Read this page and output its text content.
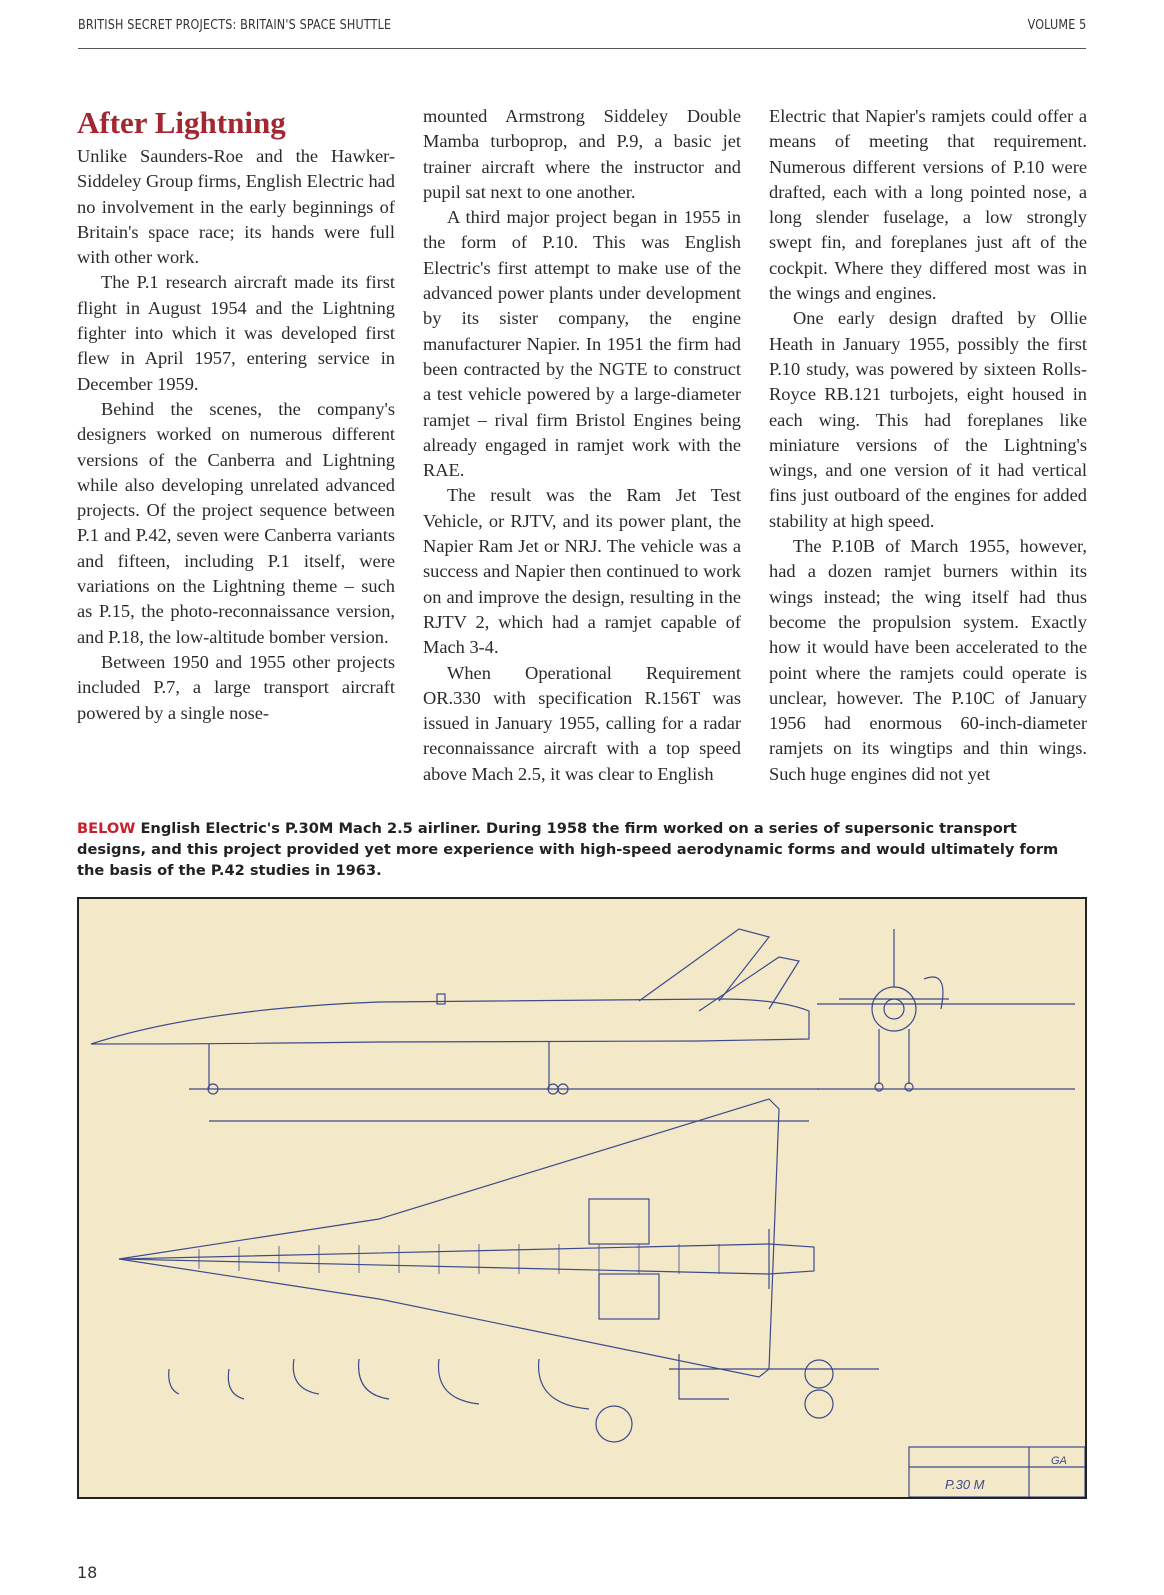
BRITISH SECRET PROJECTS: BRITAIN'S SPACE SHUTTLE	VOLUME 5
After Lightning

Unlike Saunders-Roe and the Hawker-Siddeley Group firms, English Electric had no involvement in the early beginnings of Britain's space race; its hands were full with other work.

The P.1 research aircraft made its first flight in August 1954 and the Lightning fighter into which it was developed first flew in April 1957, entering service in December 1959.

Behind the scenes, the company's designers worked on numerous different versions of the Canberra and Lightning while also developing unrelated advanced projects. Of the project sequence between P.1 and P.42, seven were Canberra variants and fifteen, including P.1 itself, were variations on the Lightning theme – such as P.15, the photo-reconnaissance version, and P.18, the low-altitude bomber version.

Between 1950 and 1955 other projects included P.7, a large transport aircraft powered by a single nose-

mounted Armstrong Siddeley Double Mamba turboprop, and P.9, a basic jet trainer aircraft where the instructor and pupil sat next to one another.

A third major project began in 1955 in the form of P.10. This was English Electric's first attempt to make use of the advanced power plants under development by its sister company, the engine manufacturer Napier. In 1951 the firm had been contracted by the NGTE to construct a test vehicle powered by a large-diameter ramjet – rival firm Bristol Engines being already engaged in ramjet work with the RAE.

The result was the Ram Jet Test Vehicle, or RJTV, and its power plant, the Napier Ram Jet or NRJ. The vehicle was a success and Napier then continued to work on and improve the design, resulting in the RJTV 2, which had a ramjet capable of Mach 3-4.

When Operational Requirement OR.330 with specification R.156T was issued in January 1955, calling for a radar reconnaissance aircraft with a top speed above Mach 2.5, it was clear to English

Electric that Napier's ramjets could offer a means of meeting that requirement. Numerous different versions of P.10 were drafted, each with a long pointed nose, a long slender fuselage, a low strongly swept fin, and foreplanes just aft of the cockpit. Where they differed most was in the wings and engines.

One early design drafted by Ollie Heath in January 1955, possibly the first P.10 study, was powered by sixteen Rolls-Royce RB.121 turbojets, eight housed in each wing. This had foreplanes like miniature versions of the Lightning's wings, and one version of it had vertical fins just outboard of the engines for added stability at high speed.

The P.10B of March 1955, however, had a dozen ramjet burners within its wings instead; the wing itself had thus become the propulsion system. Exactly how it would have been accelerated to the point where the ramjets could operate is unclear, however. The P.10C of January 1956 had enormous 60-inch-diameter ramjets on its wingtips and thin wings. Such huge engines did not yet

BELOW English Electric's P.30M Mach 2.5 airliner. During 1958 the firm worked on a series of supersonic transport designs, and this project provided yet more experience with high-speed aerodynamic forms and would ultimately form the basis of the P.42 studies in 1963.
P.30 M
GA
18
